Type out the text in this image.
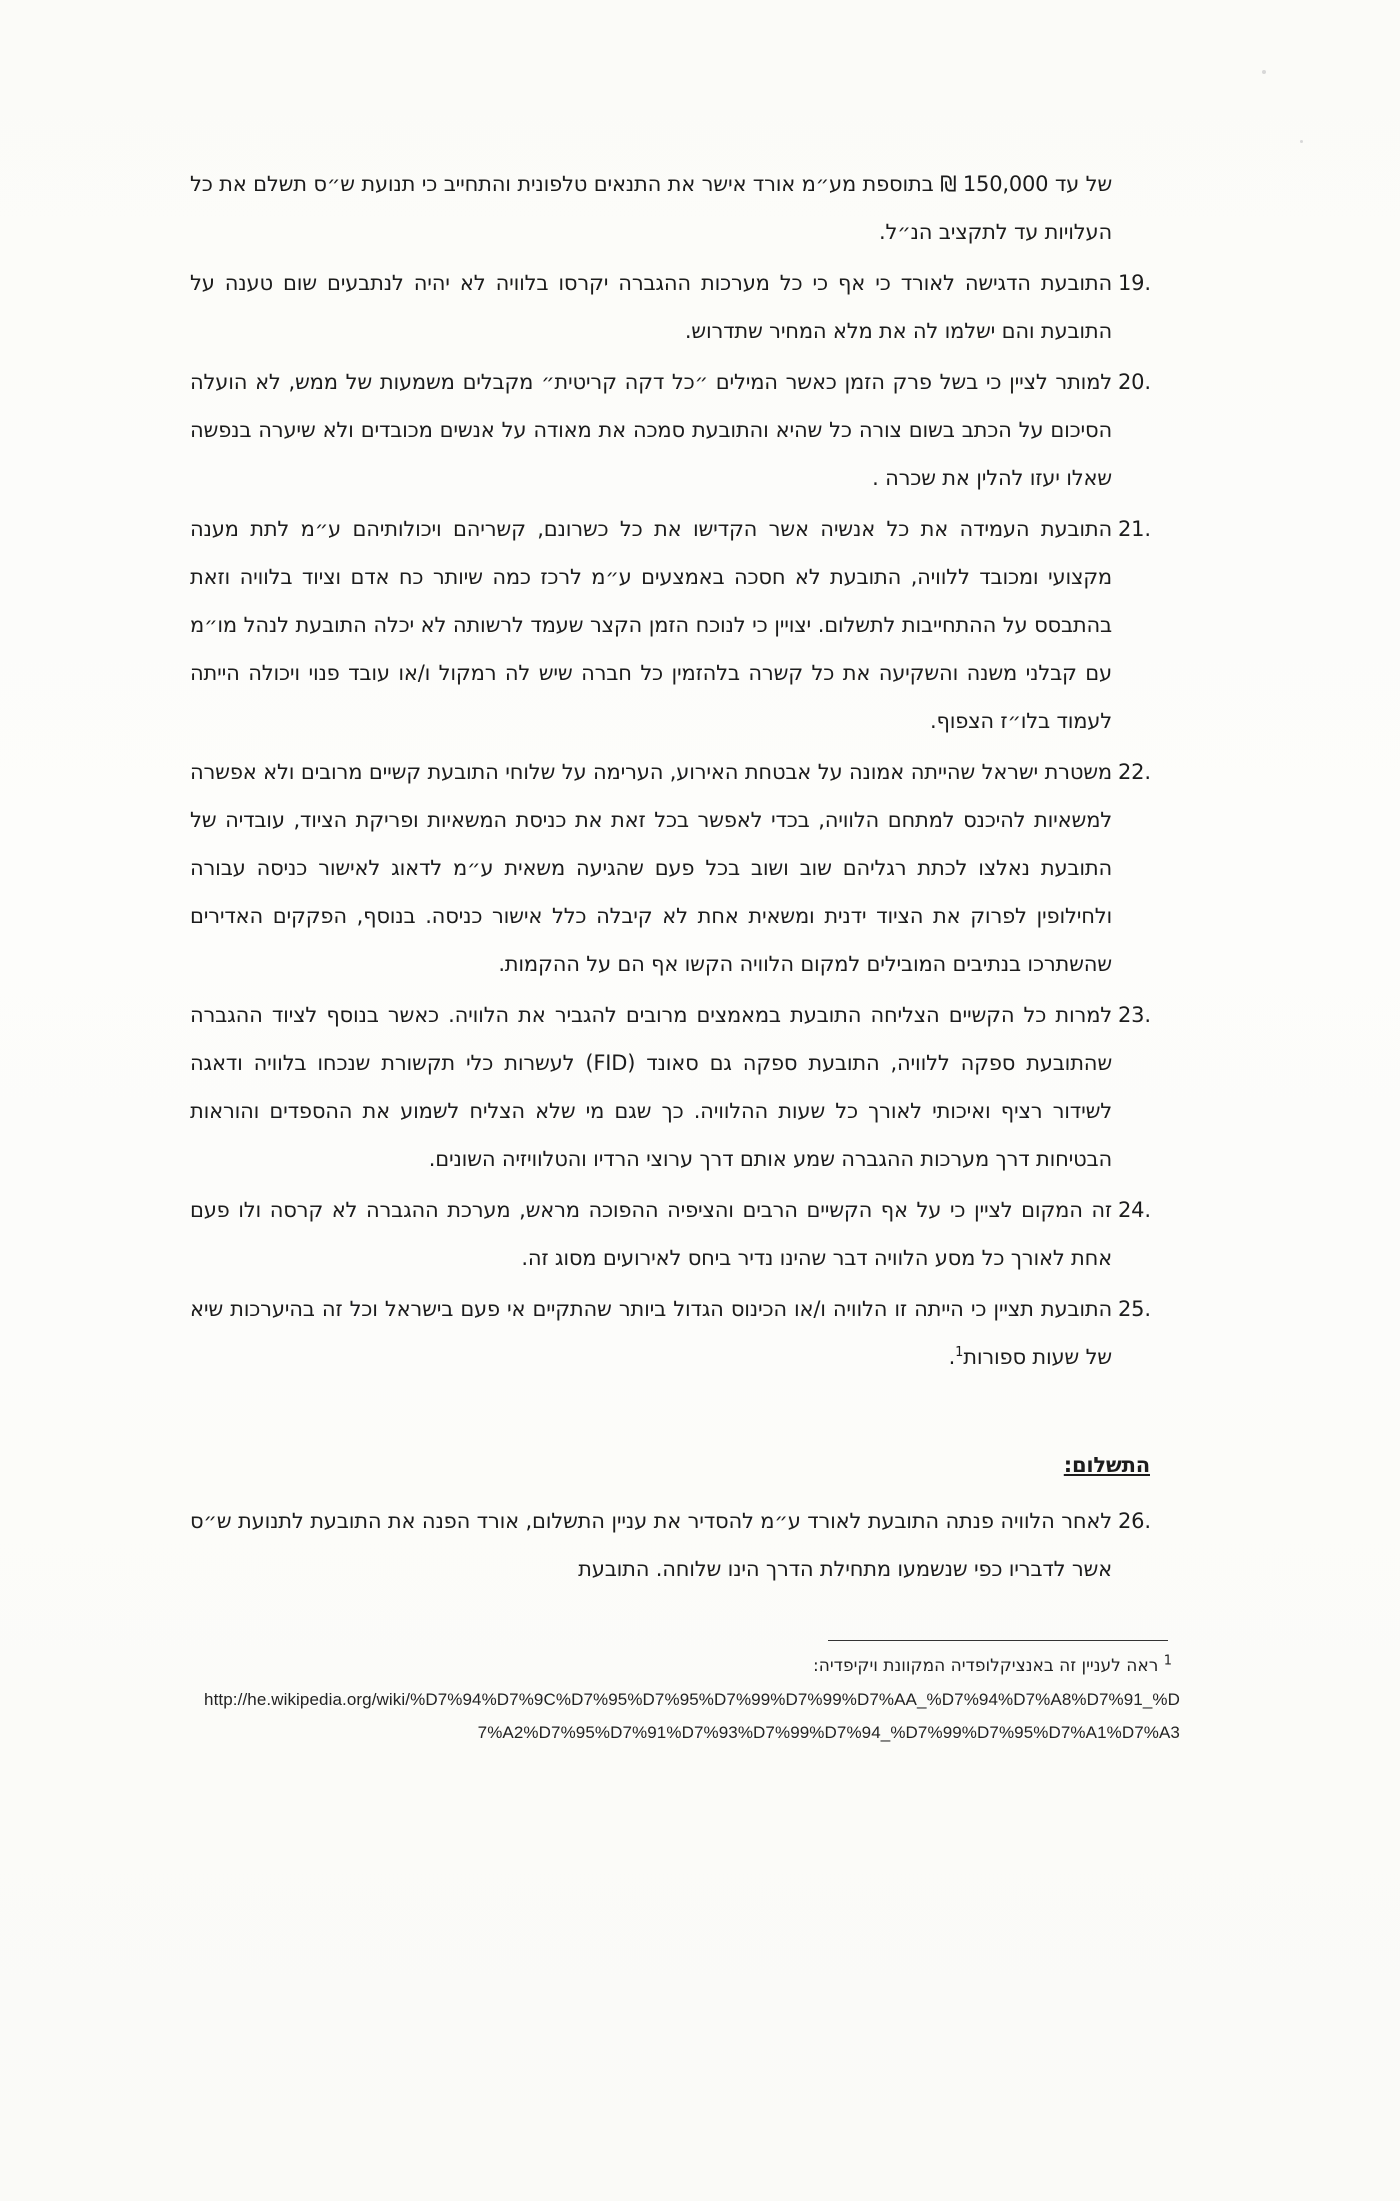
של עד 150,000 ₪ בתוספת מע״מ אורד אישר את התנאים טלפונית והתחייב כי תנועת ש״ס תשלם את כל העלויות עד לתקציב הנ״ל.

19.
התובעת הדגישה לאורד כי אף כי כל מערכות ההגברה יקרסו בלוויה לא יהיה לנתבעים שום טענה על התובעת והם ישלמו לה את מלא המחיר שתדרוש.

20.
למותר לציין כי בשל פרק הזמן כאשר המילים ״כל דקה קריטית״ מקבלים משמעות של ממש, לא הועלה הסיכום על הכתב בשום צורה כל שהיא והתובעת סמכה את מאודה על אנשים מכובדים ולא שיערה בנפשה שאלו יעזו להלין את שכרה .

21.
התובעת העמידה את כל אנשיה אשר הקדישו את כל כשרונם, קשריהם ויכולותיהם ע״מ לתת מענה מקצועי ומכובד ללוויה, התובעת לא חסכה באמצעים ע״מ לרכז כמה שיותר כח אדם וציוד בלוויה וזאת בהתבסס על ההתחייבות לתשלום. יצויין כי לנוכח הזמן הקצר שעמד לרשותה לא יכלה התובעת לנהל מו״מ עם קבלני משנה והשקיעה את כל קשרה בלהזמין כל חברה שיש לה רמקול ו/או עובד פנוי ויכולה הייתה לעמוד בלו״ז הצפוף.

22.
משטרת ישראל שהייתה אמונה על אבטחת האירוע, הערימה על שלוחי התובעת קשיים מרובים ולא אפשרה למשאיות להיכנס למתחם הלוויה, בכדי לאפשר בכל זאת את כניסת המשאיות ופריקת הציוד, עובדיה של התובעת נאלצו לכתת רגליהם שוב ושוב בכל פעם שהגיעה משאית ע״מ לדאוג לאישור כניסה עבורה ולחילופין לפרוק את הציוד ידנית ומשאית אחת לא קיבלה כלל אישור כניסה. בנוסף, הפקקים האדירים שהשתרכו בנתיבים המובילים למקום הלוויה הקשו אף הם על ההקמות.

23.
למרות כל הקשיים הצליחה התובעת במאמצים מרובים להגביר את הלוויה. כאשר בנוסף לציוד ההגברה שהתובעת ספקה ללוויה, התובעת ספקה גם סאונד (FID) לעשרות כלי תקשורת שנכחו בלוויה ודאגה לשידור רציף ואיכותי לאורך כל שעות ההלוויה. כך שגם מי שלא הצליח לשמוע את ההספדים והוראות הבטיחות דרך מערכות ההגברה שמע אותם דרך ערוצי הרדיו והטלוויזיה השונים.

24.
זה המקום לציין כי על אף הקשיים הרבים והציפיה ההפוכה מראש, מערכת ההגברה לא קרסה ולו פעם אחת לאורך כל מסע הלוויה דבר שהינו נדיר ביחס לאירועים מסוג זה.

25.
התובעת תציין כי הייתה זו הלוויה ו/או הכינוס הגדול ביותר שהתקיים אי פעם בישראל וכל זה בהיערכות שיא של שעות ספורות$^1$.

התשלום:

26.
לאחר הלוויה פנתה התובעת לאורד ע״מ להסדיר את עניין התשלום, אורד הפנה את התובעת לתנועת ש״ס אשר לדבריו כפי שנשמעו מתחילת הדרך הינו שלוחה. התובעת

$^1$ ראה לעניין זה באנציקלופדיה המקוונת ויקיפדיה:
http://he.wikipedia.org/wiki/%D7%94%D7%9C%D7%95%D7%95%D7%99%D7%99%D7%AA_%D7%94%D7%A8%D7%91_%D7%A2%D7%95%D7%91%D7%93%D7%99%D7%94_%D7%99%D7%95%D7%A1%D7%A3
